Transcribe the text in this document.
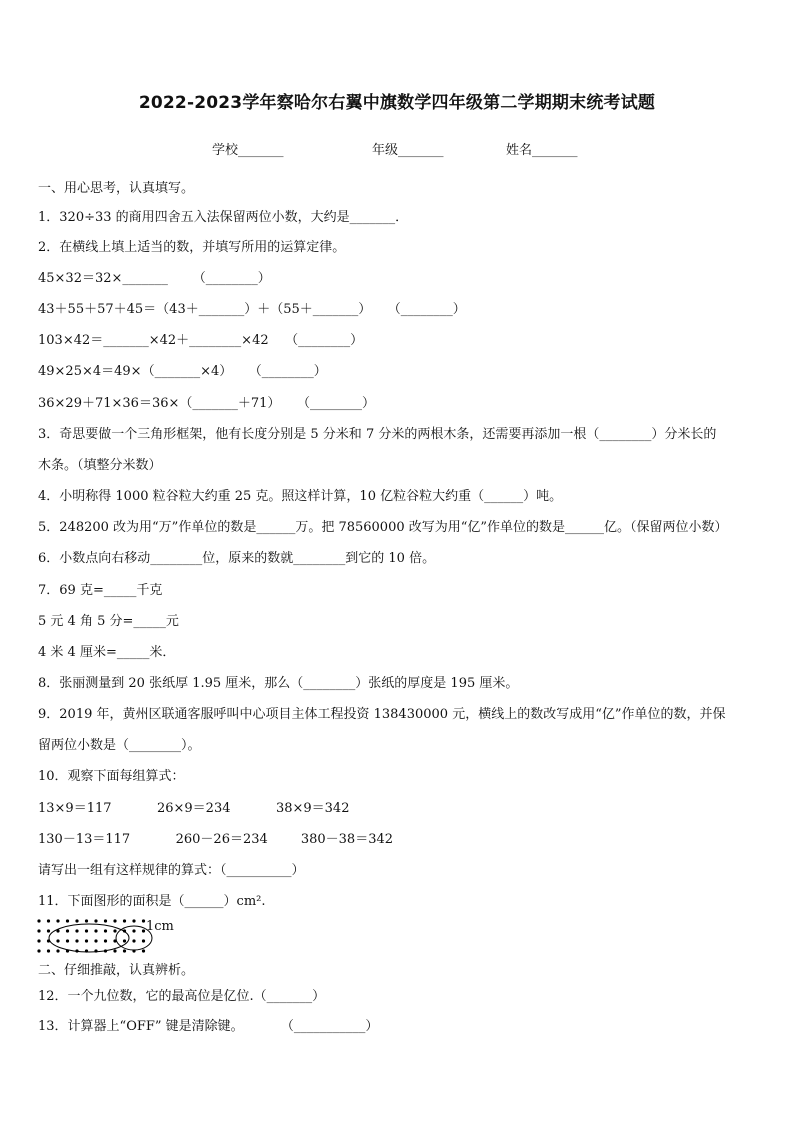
2022-2023学年察哈尔右翼中旗数学四年级第二学期期末统考试题
学校_______	年级_______	姓名_______
一、用心思考，认真填写。
1．320÷33 的商用四舍五入法保留两位小数，大约是_______．
2．在横线上填上适当的数，并填写所用的运算定律。
45×32＝32×_______      （________）
43＋55＋57＋45＝（43＋_______）＋（55＋_______）    （________）
103×42＝_______×42＋________×42    （________）
49×25×4＝49×（_______×4）    （________）
36×29＋71×36＝36×（_______＋71）    （________）
3．奇思要做一个三角形框架，他有长度分别是 5 分米和 7 分米的两根木条，还需要再添加一根（________）分米长的
木条。（填整分米数）
4．小明称得 1000 粒谷粒大约重 25 克。照这样计算，10 亿粒谷粒大约重（______）吨。
5．248200 改为用“万”作单位的数是______万。把 78560000 改写为用“亿”作单位的数是______亿。（保留两位小数）
6．小数点向右移动________位，原来的数就________到它的 10 倍。
7．69 克=_____千克
5 元 4 角 5 分=_____元
4 米 4 厘米=_____米．
8．张丽测量到 20 张纸厚 1.95 厘米，那么（________）张纸的厚度是 195 厘米。
9．2019 年，黄州区联通客服呼叫中心项目主体工程投资 138430000 元，横线上的数改写成用“亿”作单位的数，并保
留两位小数是（________）。
10．观察下面每组算式：
13×9＝117           26×9＝234           38×9＝342
130－13＝117           260－26＝234        380－38＝342
请写出一组有这样规律的算式：（__________）
11．下面图形的面积是（______）cm².
1cm
二、仔细推敲，认真辨析。
12．一个九位数，它的最高位是亿位.（_______）
13．计算器上“OFF” 键是清除键。         （___________）
